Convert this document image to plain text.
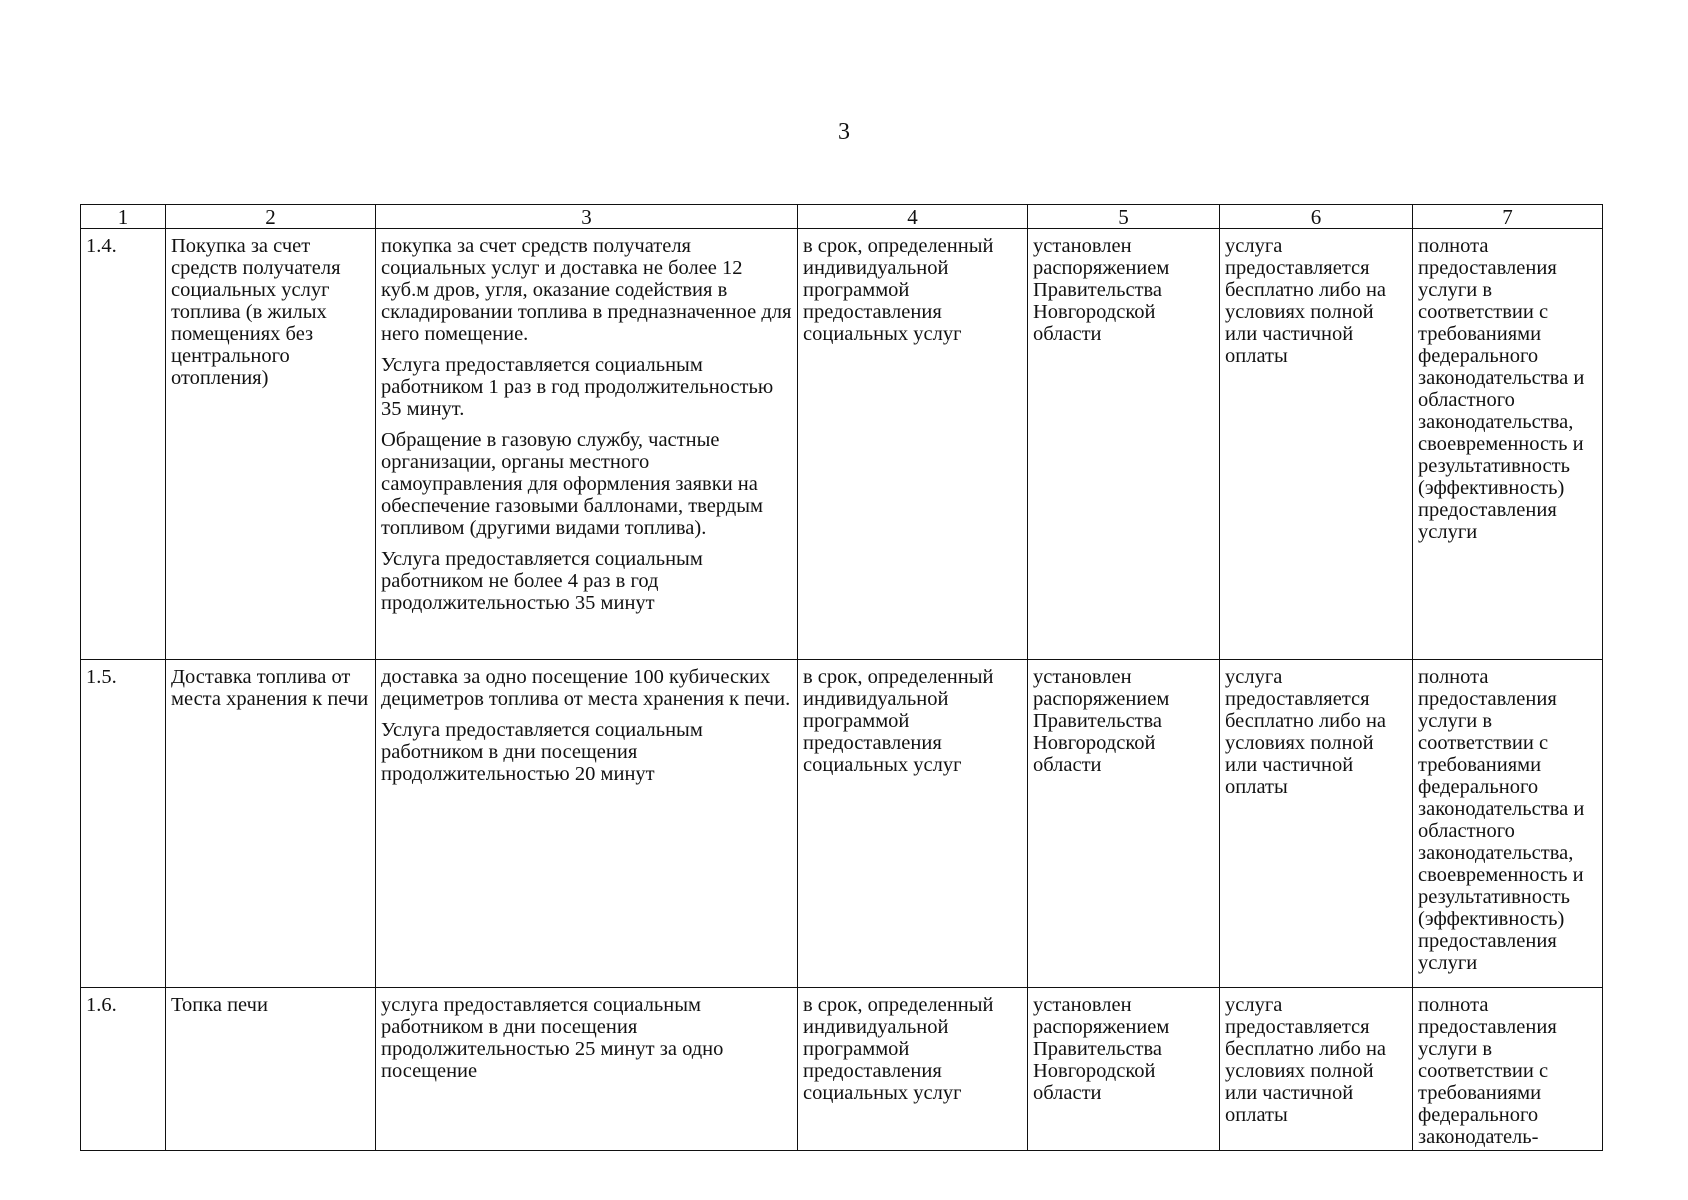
3
1	2	3	4	5	6	7
1.4.	Покупка за счет средств получателя социальных услуг топлива (в жилых помещениях без центрального отопления)	покупка за счет средств получателя социальных услуг и доставка не более 12 куб.м дров, угля, оказание содействия в складировании топлива в предназначенное для него помещение.

Услуга предоставляется социальным работником 1 раз в год продолжительностью 35 минут.

Обращение в газовую службу, частные организации, органы местного самоуправления для оформления заявки на обеспечение газовыми баллонами, твердым топливом (другими видами топлива).

Услуга предоставляется социальным работником не более 4 раз в год продолжительностью 35 минут	в срок, определенный индивидуальной программой предоставления социальных услуг	установлен распоряжением Правительства Новгородской области	услуга предоставляется бесплатно либо на условиях полной или частичной оплаты	полнота предоставления услуги в соответствии с требованиями федерального законодательства и областного законодательства, своевременность и результативность (эффективность) предоставления услуги
1.5.	Доставка топлива от места хранения к печи	доставка за одно посещение 100 кубических дециметров топлива от места хранения к печи.

Услуга предоставляется социальным работником в дни посещения продолжительностью 20 минут	в срок, определенный индивидуальной программой предоставления социальных услуг	установлен распоряжением Правительства Новгородской области	услуга предоставляется бесплатно либо на условиях полной или частичной оплаты	полнота предоставления услуги в соответствии с требованиями федерального законодательства и областного законодательства, своевременность и результативность (эффективность) предоставления услуги
1.6.	Топка печи	услуга предоставляется социальным работником в дни посещения продолжительностью 25 минут за одно посещение	в срок, определенный индивидуальной программой предоставления социальных услуг	установлен распоряжением Правительства Новгородской области	услуга предоставляется бесплатно либо на условиях полной или частичной оплаты	полнота предоставления услуги в соответствии с требованиями федерального законодатель-
